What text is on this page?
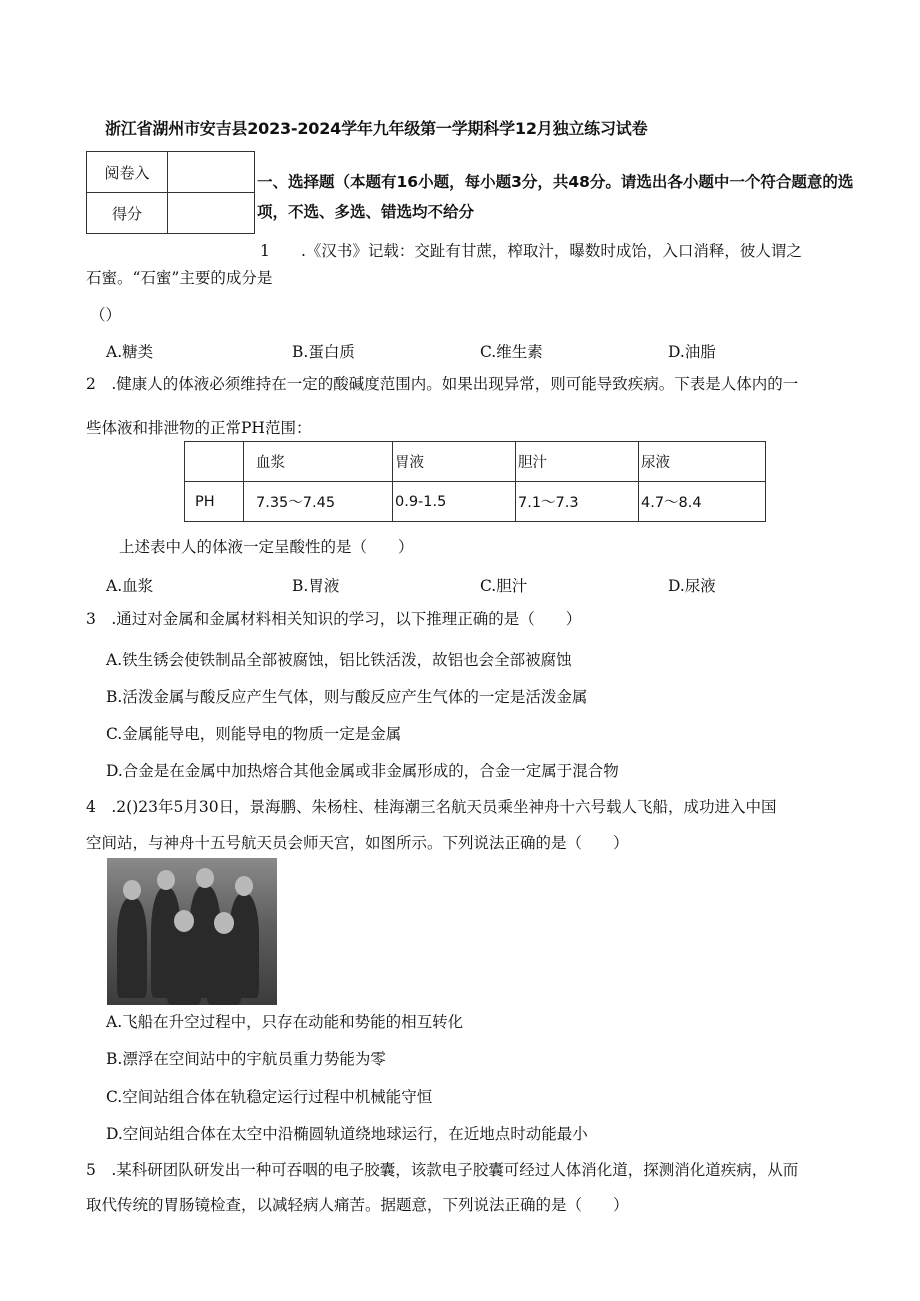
浙江省湖州市安吉县2023-2024学年九年级第一学期科学12月独立练习试卷
阅卷入	
得分	
一、选择题（本题有16小题，每小题3分，共48分。请选出各小题中一个符合题意的选项，不选、多选、错选均不给分
1 .《汉书》记载：交趾有甘蔗，榨取汁，曝数时成饴，入口消释，彼人谓之
石蜜。“石蜜”主要的成分是
（）
A.糖类	B.蛋白质	C.维生素	D.油脂
2　.健康人的体液必须维持在一定的酸碱度范围内。如果出现异常，则可能导致疾病。下表是人体内的一
些体液和排泄物的正常PH范围：
	血浆	胃液	胆汁	尿液
PH	7.35～7.45	0.9-1.5	7.1～7.3	4.7～8.4
上述表中人的体液一定呈酸性的是（　　）
A.血浆	B.胃液	C.胆汁	D.尿液
3　.通过对金属和金属材料相关知识的学习，以下推理正确的是（　　）
A.铁生锈会使铁制品全部被腐蚀，铝比铁活泼，故铝也会全部被腐蚀
B.活泼金属与酸反应产生气体，则与酸反应产生气体的一定是活泼金属
C.金属能导电，则能导电的物质一定是金属
D.合金是在金属中加热熔合其他金属或非金属形成的，合金一定属于混合物
4　.2()23年5月30日，景海鹏、朱杨柱、桂海潮三名航天员乘坐神舟十六号载人飞船，成功进入中国
空间站，与神舟十五号航天员会师天宫，如图所示。下列说法正确的是（　　）
A.飞船在升空过程中，只存在动能和势能的相互转化
B.漂浮在空间站中的宇航员重力势能为零
C.空间站组合体在轨稳定运行过程中机械能守恒
D.空间站组合体在太空中沿椭圆轨道绕地球运行，在近地点时动能最小
5　.某科研团队研发出一种可吞咽的电子胶囊，该款电子胶囊可经过人体消化道，探测消化道疾病，从而
取代传统的胃肠镜检查，以减轻病人痛苦。据题意，下列说法正确的是（　　）
